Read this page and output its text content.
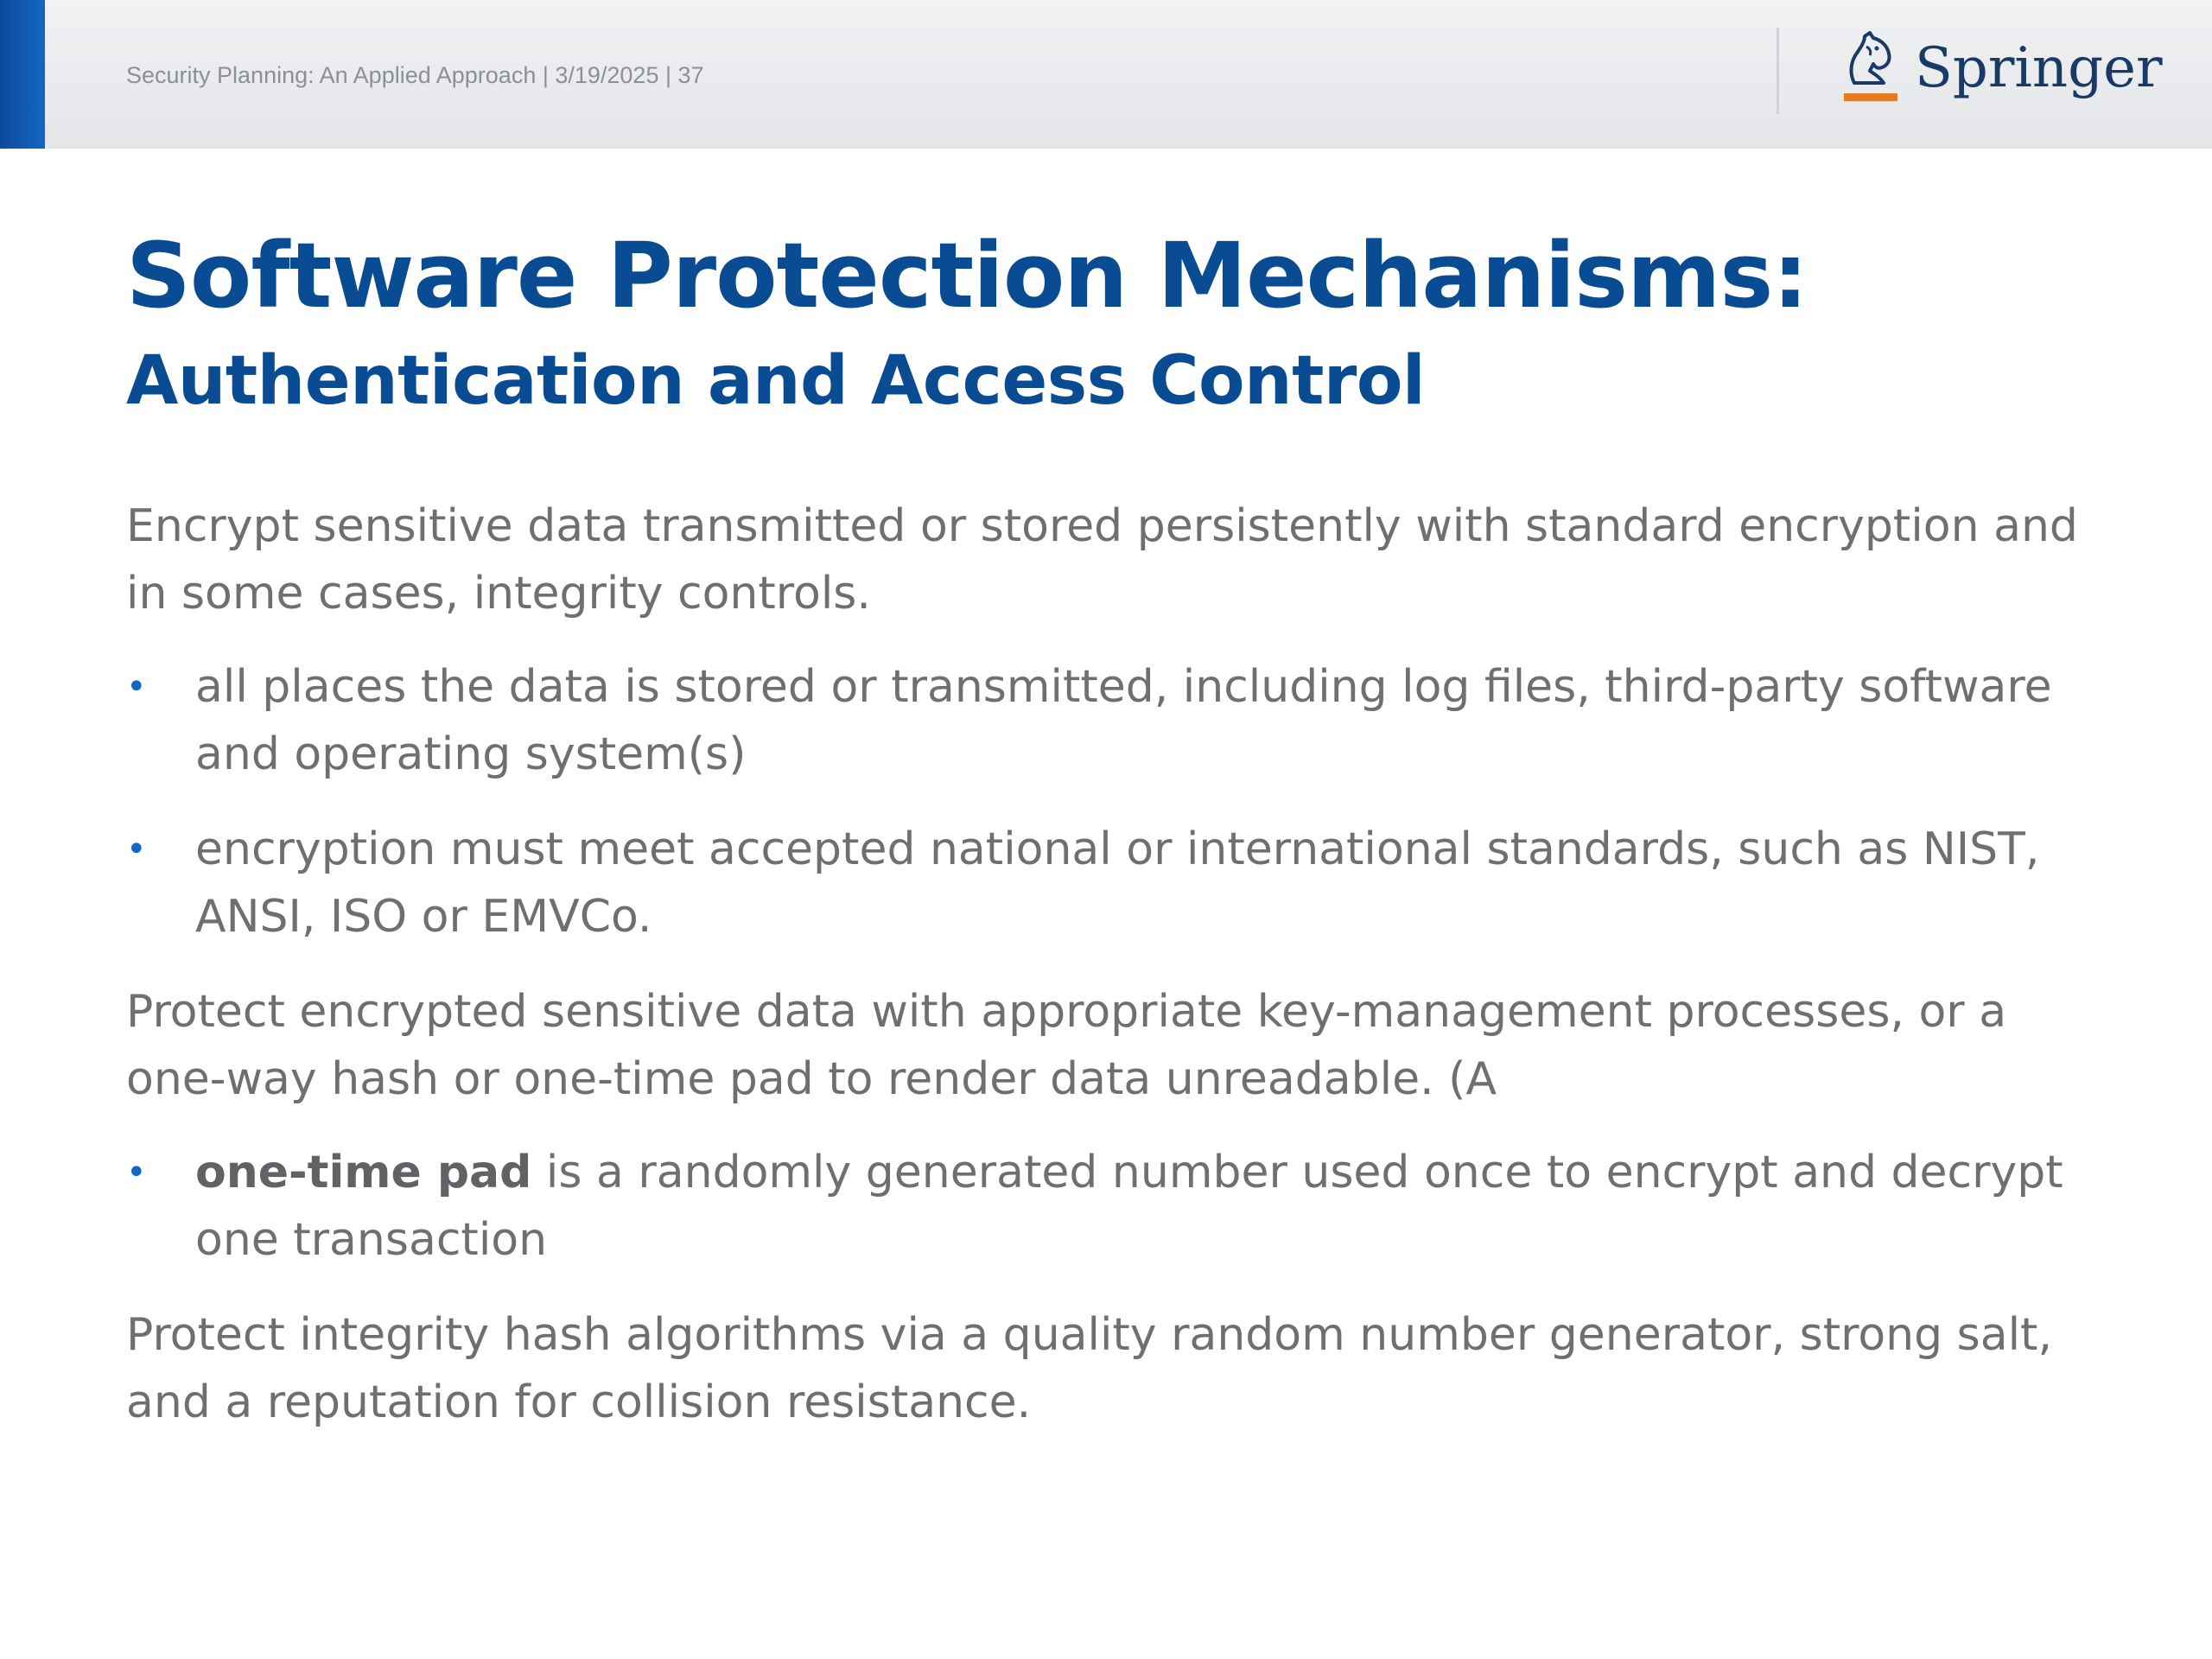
Security Planning: An Applied Approach | 3/19/2025 | 37	Springer
Software Protection Mechanisms:
Authentication and Access Control

Encrypt sensitive data transmitted or stored persistently with standard encryption and in some cases, integrity controls.

• all places the data is stored or transmitted, including log files, third-party software and operating system(s)
• encryption must meet accepted national or international standards, such as NIST, ANSI, ISO or EMVCo.

Protect encrypted sensitive data with appropriate key-management processes, or a one-way hash or one-time pad to render data unreadable. (A

• one-time pad is a randomly generated number used once to encrypt and decrypt one transaction

Protect integrity hash algorithms via a quality random number generator, strong salt, and a reputation for collision resistance.
